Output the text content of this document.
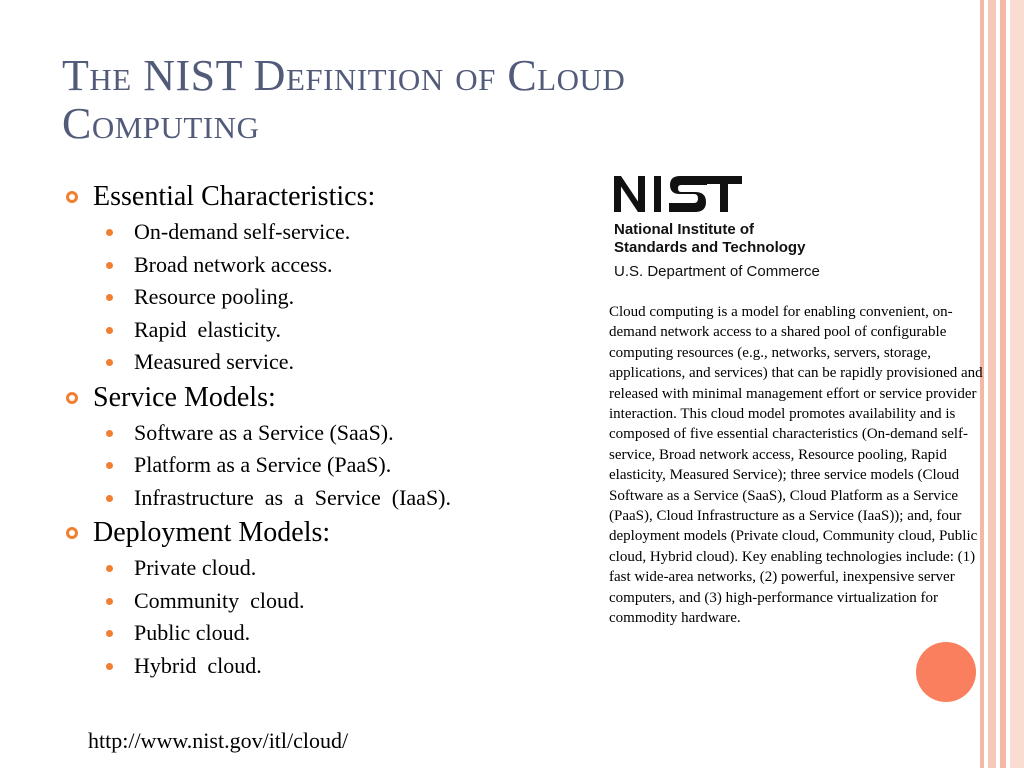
The NIST Definition of Cloud Computing
Essential Characteristics:
On-demand self-service.
Broad network access.
Resource pooling.
Rapid  elasticity.
Measured service.
Service Models:
Software as a Service (SaaS).
Platform as a Service (PaaS).
Infrastructure  as  a  Service  (IaaS).
Deployment Models:
Private cloud.
Community  cloud.
Public cloud.
Hybrid  cloud.
http://www.nist.gov/itl/cloud/
National Institute of
Standards and Technology
U.S. Department of Commerce

Cloud computing is a model for enabling convenient, on-demand network access to a shared pool of configurable computing resources (e.g., networks, servers, storage, applications, and services) that can be rapidly provisioned and released with minimal management effort or service provider interaction. This cloud model promotes availability and is composed of five essential characteristics (On-demand self-service, Broad network access, Resource pooling, Rapid elasticity, Measured Service); three service models (Cloud Software as a Service (SaaS), Cloud Platform as a Service (PaaS), Cloud Infrastructure as a Service (IaaS)); and, four deployment models (Private cloud, Community cloud, Public cloud, Hybrid cloud). Key enabling technologies include: (1) fast wide-area networks, (2) powerful, inexpensive server computers, and (3) high-performance virtualization for commodity hardware.
